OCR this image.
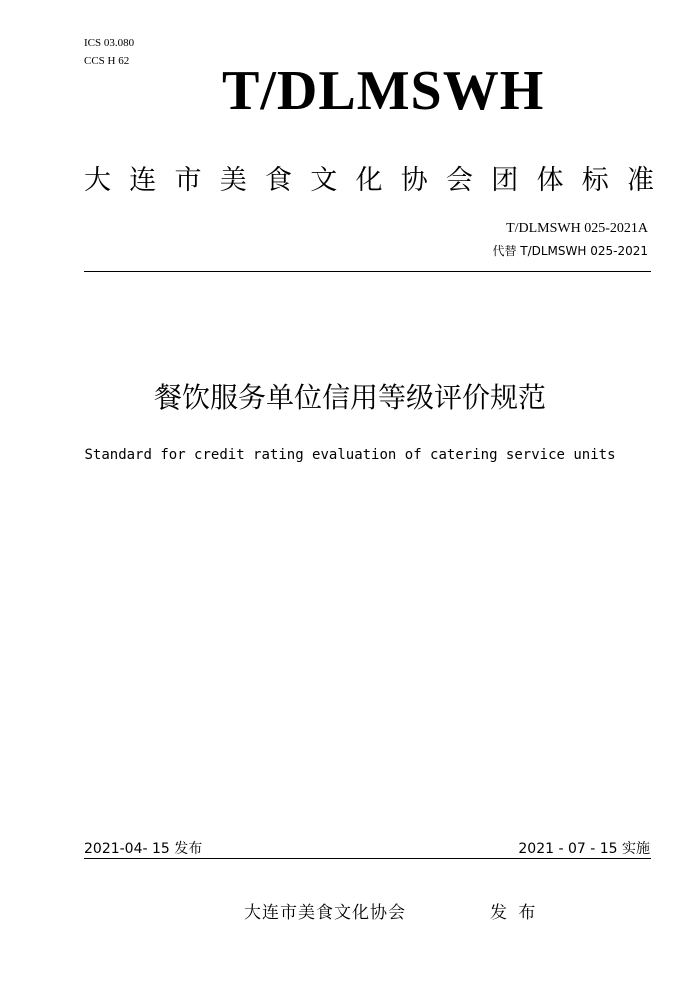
ICS 03.080
CCS H 62 T/DLMSWH
大 连 市 美 食 文 化 协 会 团 体 标 准
T/DLMSWH 025-2021A
代替 T/DLMSWH 025-2021
餐饮服务单位信用等级评价规范
Standard for credit rating evaluation of catering service units
2021-04- 15 发布	2021 - 07 - 15 实施
大连市美食文化协会	发 布
